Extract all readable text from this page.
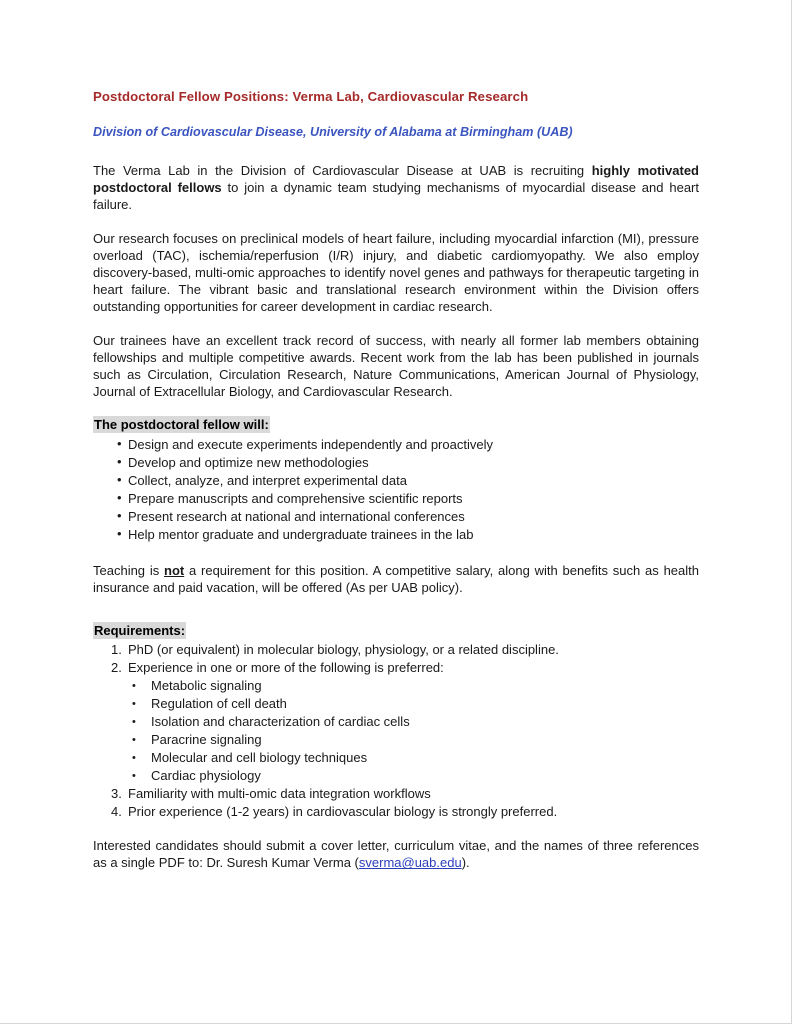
Postdoctoral Fellow Positions: Verma Lab, Cardiovascular Research
Division of Cardiovascular Disease, University of Alabama at Birmingham (UAB)

The Verma Lab in the Division of Cardiovascular Disease at UAB is recruiting highly motivated postdoctoral fellows to join a dynamic team studying mechanisms of myocardial disease and heart failure.

Our research focuses on preclinical models of heart failure, including myocardial infarction (MI), pressure overload (TAC), ischemia/reperfusion (I/R) injury, and diabetic cardiomyopathy. We also employ discovery-based, multi-omic approaches to identify novel genes and pathways for therapeutic targeting in heart failure. The vibrant basic and translational research environment within the Division offers outstanding opportunities for career development in cardiac research.

Our trainees have an excellent track record of success, with nearly all former lab members obtaining fellowships and multiple competitive awards. Recent work from the lab has been published in journals such as Circulation, Circulation Research, Nature Communications, American Journal of Physiology, Journal of Extracellular Biology, and Cardiovascular Research.

The postdoctoral fellow will:
• Design and execute experiments independently and proactively
• Develop and optimize new methodologies
• Collect, analyze, and interpret experimental data
• Prepare manuscripts and comprehensive scientific reports
• Present research at national and international conferences
• Help mentor graduate and undergraduate trainees in the lab

Teaching is not a requirement for this position. A competitive salary, along with benefits such as health insurance and paid vacation, will be offered (As per UAB policy).

Requirements:
PhD (or equivalent) in molecular biology, physiology, or a related discipline.
Experience in one or more of the following is preferred:
• Metabolic signaling
• Regulation of cell death
• Isolation and characterization of cardiac cells
• Paracrine signaling
• Molecular and cell biology techniques
• Cardiac physiology
Familiarity with multi-omic data integration workflows
Prior experience (1-2 years) in cardiovascular biology is strongly preferred.

Interested candidates should submit a cover letter, curriculum vitae, and the names of three references as a single PDF to: Dr. Suresh Kumar Verma (sverma@uab.edu).
